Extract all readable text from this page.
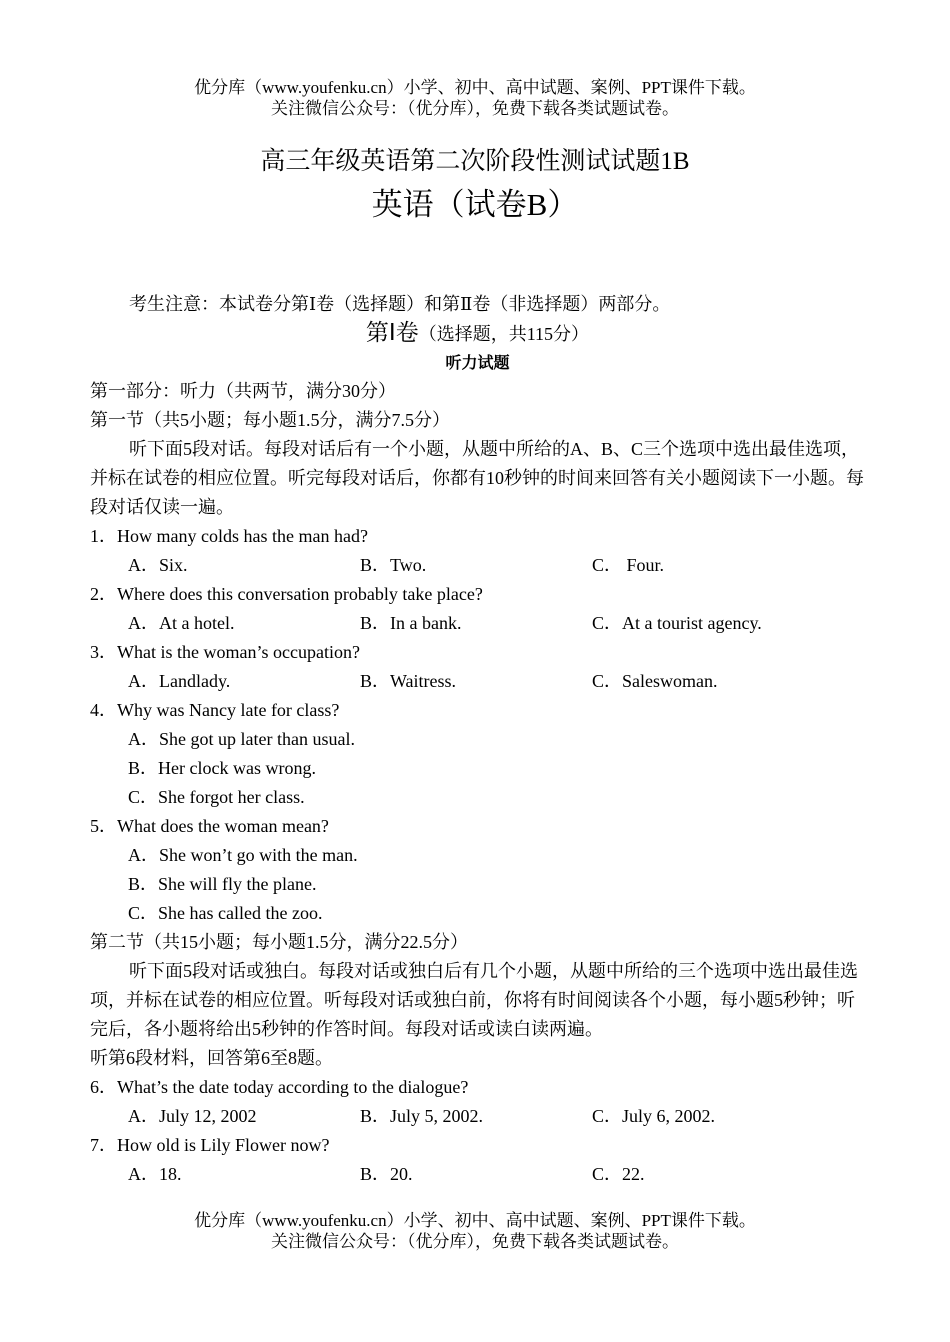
优分库（www.youfenku.cn）小学、初中、高中试题、案例、PPT课件下载。
关注微信公众号：（优分库），免费下载各类试题试卷。
高三年级英语第二次阶段性测试试题1B
英语（试卷B）
考生注意：本试卷分第Ⅰ卷（选择题）和第Ⅱ卷（非选择题）两部分。
第Ⅰ卷（选择题，共115分）
听力试题
第一部分：听力（共两节，满分30分）
第一节（共5小题；每小题1.5分，满分7.5分）
听下面5段对话。每段对话后有一个小题，从题中所给的A、B、C三个选项中选出最佳选项，并标在试卷的相应位置。听完每段对话后，你都有10秒钟的时间来回答有关小题阅读下一小题。每段对话仅读一遍。
1．How many colds has the man had?
A．Six.	B．Two.	C． Four.
2．Where does this conversation probably take place?
A．At a hotel.	B．In a bank.	C．At a tourist agency.
3．What is the woman’s occupation?
A．Landlady.	B．Waitress.	C．Saleswoman.
4．Why was Nancy late for class?
A．She got up later than usual.
B．Her clock was wrong.
C．She forgot her class.
5．What does the woman mean?
A．She won’t go with the man.
B．She will fly the plane.
C．She has called the zoo.
第二节（共15小题；每小题1.5分，满分22.5分）
听下面5段对话或独白。每段对话或独白后有几个小题，从题中所给的三个选项中选出最佳选项，并标在试卷的相应位置。听每段对话或独白前，你将有时间阅读各个小题，每小题5秒钟；听完后，各小题将给出5秒钟的作答时间。每段对话或读白读两遍。
听第6段材料，回答第6至8题。
6．What’s the date today according to the dialogue?
A．July 12, 2002	B．July 5, 2002.	C．July 6, 2002.
7．How old is Lily Flower now?
A．18.	B．20.	C．22.
优分库（www.youfenku.cn）小学、初中、高中试题、案例、PPT课件下载。
关注微信公众号：（优分库），免费下载各类试题试卷。
